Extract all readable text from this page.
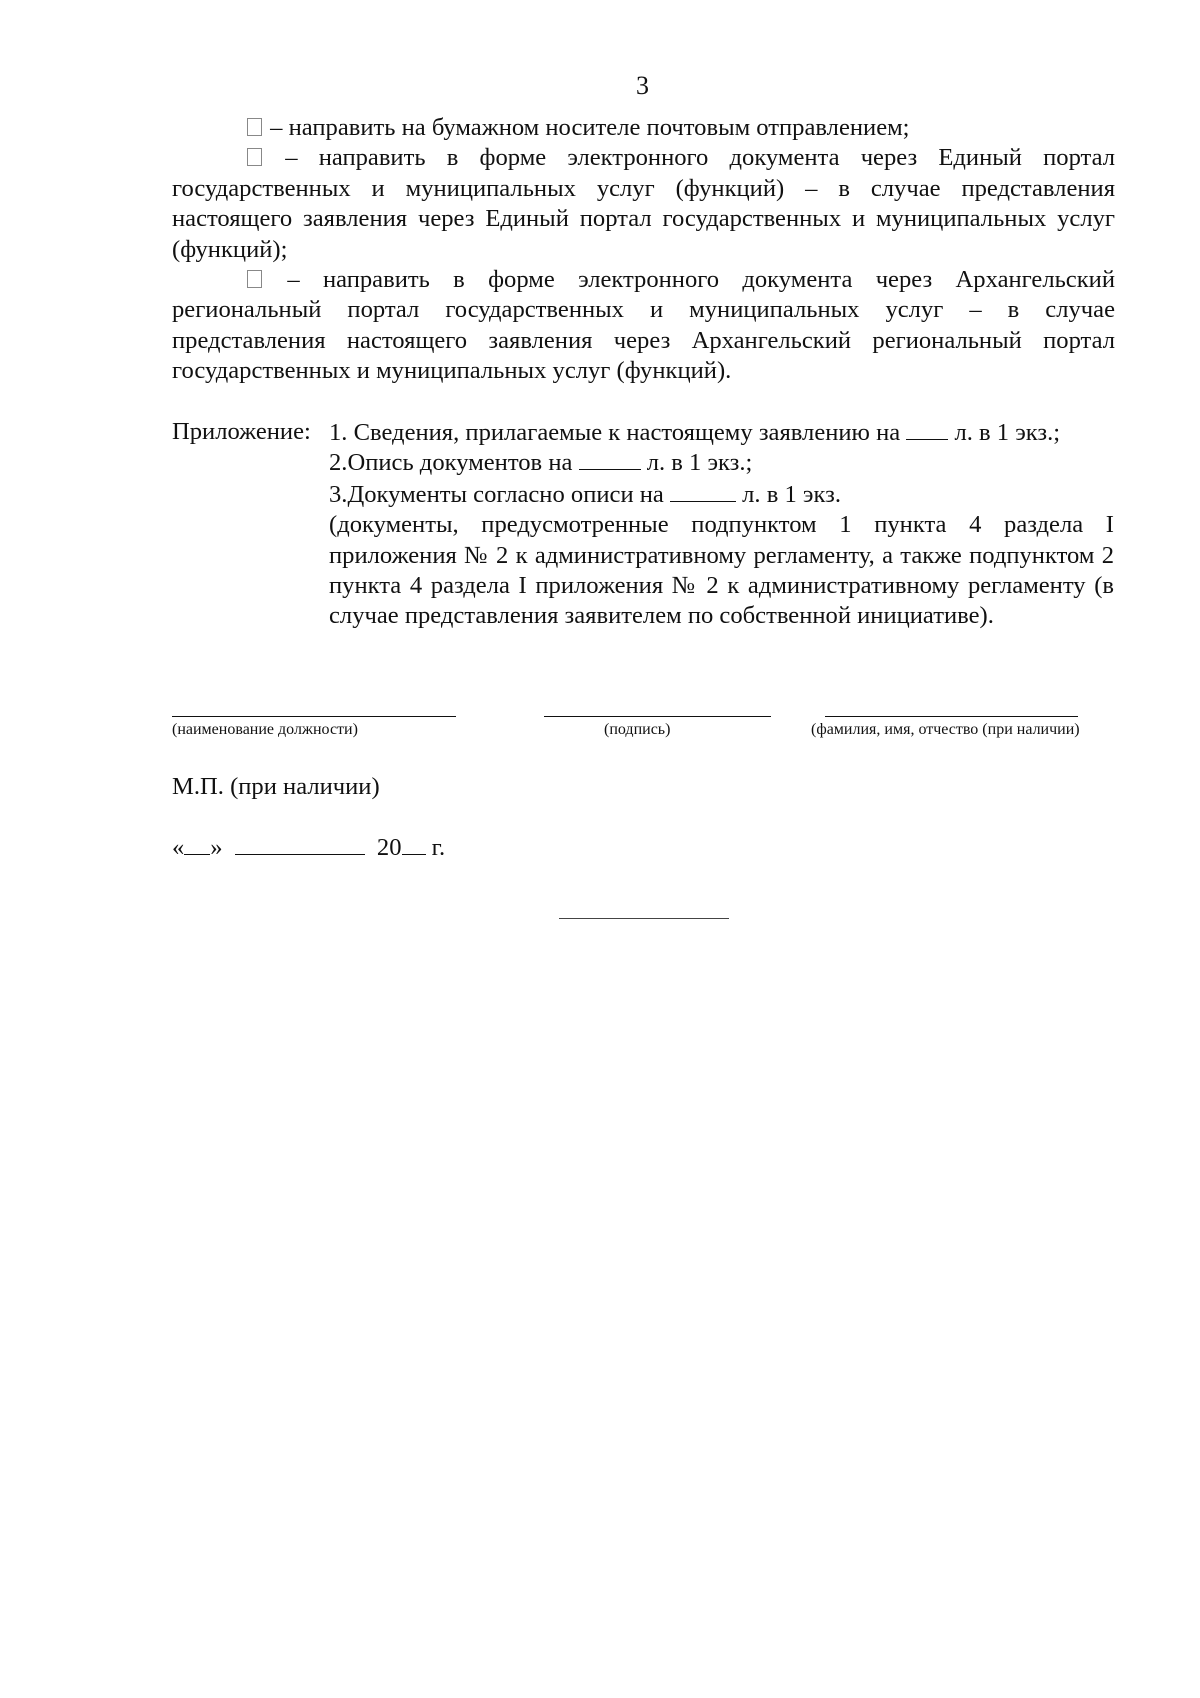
3

– направить на бумажном носителе почтовым отправлением;

– направить в форме электронного документа через Единый портал государственных и муниципальных услуг (функций) – в случае представления настоящего заявления через Единый портал государственных и муниципальных услуг (функций);

– направить в форме электронного документа через Архангельский региональный портал государственных и муниципальных услуг – в случае представления настоящего заявления через Архангельский региональный портал государственных и муниципальных услуг (функций).

Приложение: 1. Сведения, прилагаемые к настоящему заявлению на л. в 1 экз.;
2.Опись документов на	л. в 1 экз.;
3.Документы согласно описи на	л. в 1 экз.
(документы, предусмотренные подпунктом 1 пункта 4 раздела I приложения № 2 к административному регламенту, а также подпунктом 2 пункта 4 раздела I приложения № 2 к административному регламенту (в случае представления заявителем по собственной инициативе).
(наименование должности)	(подпись)	(фамилия, имя, отчество (при наличии)
М.П. (при наличии)
« »	20 г.
